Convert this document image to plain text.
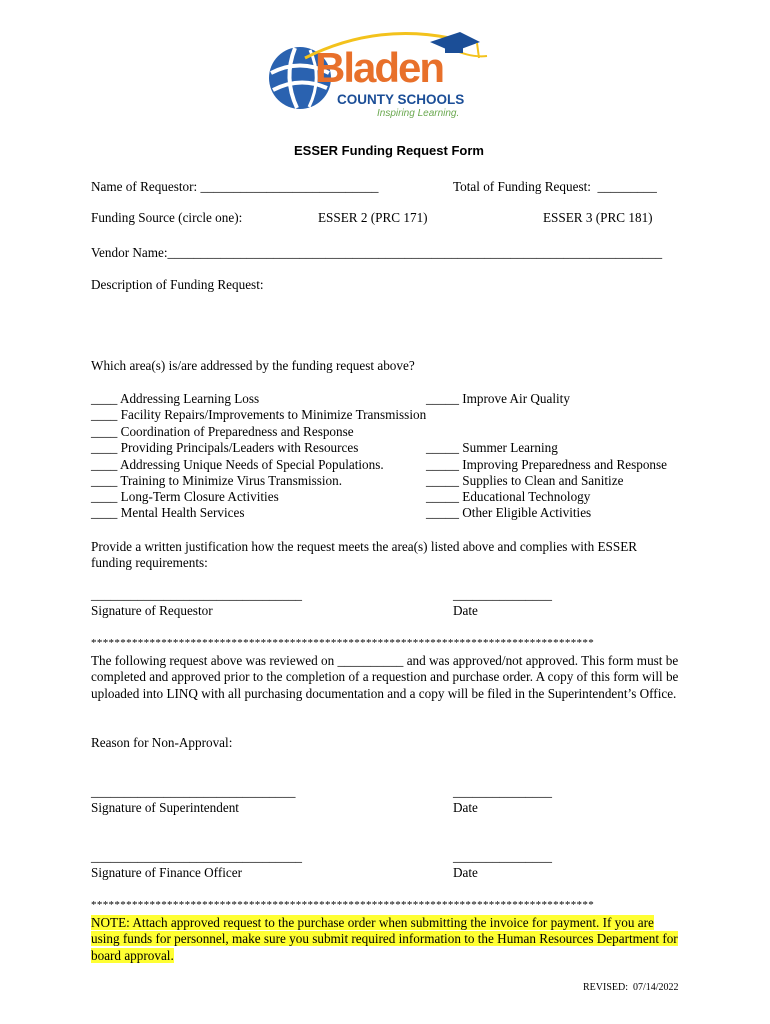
Bladen
COUNTY SCHOOLS
Inspiring Learning.
ESSER Funding Request Form
Name of Requestor: ___________________________	Total of Funding Request:  _________
Funding Source (circle one):	ESSER 2 (PRC 171)	ESSER 3 (PRC 181)
Vendor Name:___________________________________________________________________________
Description of Funding Request:
Which area(s) is/are addressed by the funding request above?
____ Addressing Learning Loss
____ Facility Repairs/Improvements to Minimize Transmission
____ Coordination of Preparedness and Response
____ Providing Principals/Leaders with Resources
____ Addressing Unique Needs of Special Populations.
____ Training to Minimize Virus Transmission.
____ Long-Term Closure Activities
____ Mental Health Services
_____ Improve Air Quality
_____ Summer Learning
_____ Improving Preparedness and Response
_____ Supplies to Clean and Sanitize
_____ Educational Technology
_____ Other Eligible Activities
Provide a written justification how the request meets the area(s) listed above and complies with ESSER funding requirements:
________________________________	_______________
Signature of Requestor	Date
**************************************************************************************
The following request above was reviewed on __________ and was approved/not approved. This form must be completed and approved prior to the completion of a requestion and purchase order. A copy of this form will be uploaded into LINQ with all purchasing documentation and a copy will be filed in the Superintendent’s Office.
Reason for Non-Approval:
_______________________________	_______________
Signature of Superintendent	Date
________________________________	_______________
Signature of Finance Officer	Date
**************************************************************************************
NOTE: Attach approved request to the purchase order when submitting the invoice for payment. If you are using funds for personnel, make sure you submit required information to the Human Resources Department for board approval.
REVISED:  07/14/2022
